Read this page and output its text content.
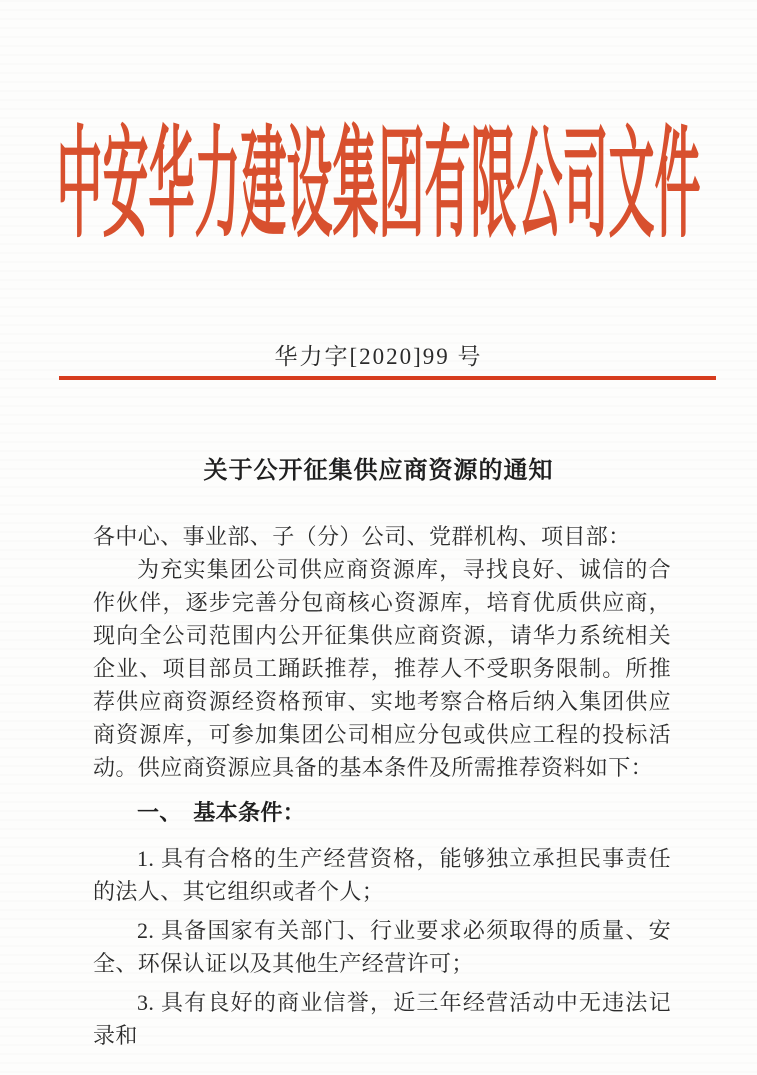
中安华力建设集团有限公司文件
华力字[2020]99 号
关于公开征集供应商资源的通知

各中心、事业部、子（分）公司、党群机构、项目部：

为充实集团公司供应商资源库，寻找良好、诚信的合作伙伴，逐步完善分包商核心资源库，培育优质供应商，现向全公司范围内公开征集供应商资源，请华力系统相关企业、项目部员工踊跃推荐，推荐人不受职务限制。所推荐供应商资源经资格预审、实地考察合格后纳入集团供应商资源库，可参加集团公司相应分包或供应工程的投标活动。供应商资源应具备的基本条件及所需推荐资料如下：

一、　基本条件：

1. 具有合格的生产经营资格，能够独立承担民事责任的法人、其它组织或者个人；

2. 具备国家有关部门、行业要求必须取得的质量、安全、环保认证以及其他生产经营许可；

3. 具有良好的商业信誉，近三年经营活动中无违法记录和
